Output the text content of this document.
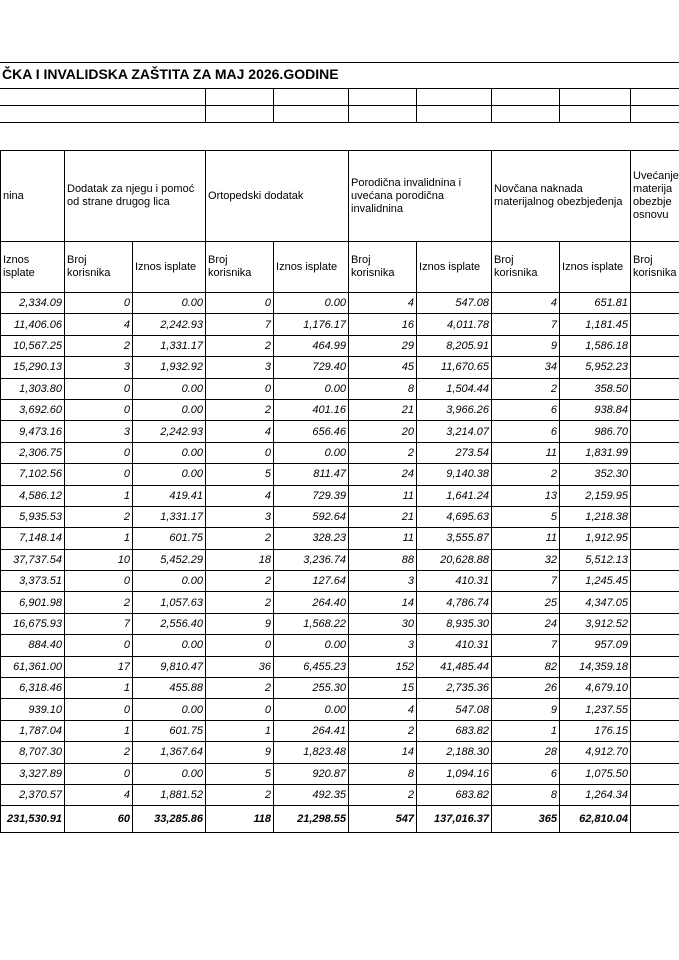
ČKA I INVALIDSKA ZAŠTITA ZA MAJ 2026.GODINE
nina	Dodatak za njegu i pomoć od strane drugog lica		Ortopedski dodatak		Porodična invalidnina i uvećana porodična invalidnina		Novčana naknada materijalnog obezbjeđenja		Uvećanje materija obezbje osnovu
Iznos isplate	Broj korisnika	Iznos isplate	Broj korisnika	Iznos isplate	Broj korisnika	Iznos isplate	Broj korisnika	Iznos isplate	Broj korisnika
2,334.09	0	0.00	0	0.00	4	547.08	4	651.81	
11,406.06	4	2,242.93	7	1,176.17	16	4,011.78	7	1,181.45	
10,567.25	2	1,331.17	2	464.99	29	8,205.91	9	1,586.18	
15,290.13	3	1,932.92	3	729.40	45	11,670.65	34	5,952.23	
1,303.80	0	0.00	0	0.00	8	1,504.44	2	358.50	
3,692.60	0	0.00	2	401.16	21	3,966.26	6	938.84	
9,473.16	3	2,242.93	4	656.46	20	3,214.07	6	986.70	
2,306.75	0	0.00	0	0.00	2	273.54	11	1,831.99	
7,102.56	0	0.00	5	811.47	24	9,140.38	2	352.30	
4,586.12	1	419.41	4	729.39	11	1,641.24	13	2,159.95	
5,935.53	2	1,331.17	3	592.64	21	4,695.63	5	1,218.38	
7,148.14	1	601.75	2	328.23	11	3,555.87	11	1,912.95	
37,737.54	10	5,452.29	18	3,236.74	88	20,628.88	32	5,512.13	
3,373.51	0	0.00	2	127.64	3	410.31	7	1,245.45	
6,901.98	2	1,057.63	2	264.40	14	4,786.74	25	4,347.05	
16,675.93	7	2,556.40	9	1,568.22	30	8,935.30	24	3,912.52	
884.40	0	0.00	0	0.00	3	410.31	7	957.09	
61,361.00	17	9,810.47	36	6,455.23	152	41,485.44	82	14,359.18	
6,318.46	1	455.88	2	255.30	15	2,735.36	26	4,679.10	
939.10	0	0.00	0	0.00	4	547.08	9	1,237.55	
1,787.04	1	601.75	1	264.41	2	683.82	1	176.15	
8,707.30	2	1,367.64	9	1,823.48	14	2,188.30	28	4,912.70	
3,327.89	0	0.00	5	920.87	8	1,094.16	6	1,075.50	
2,370.57	4	1,881.52	2	492.35	2	683.82	8	1,264.34	
231,530.91	60	33,285.86	118	21,298.55	547	137,016.37	365	62,810.04	
